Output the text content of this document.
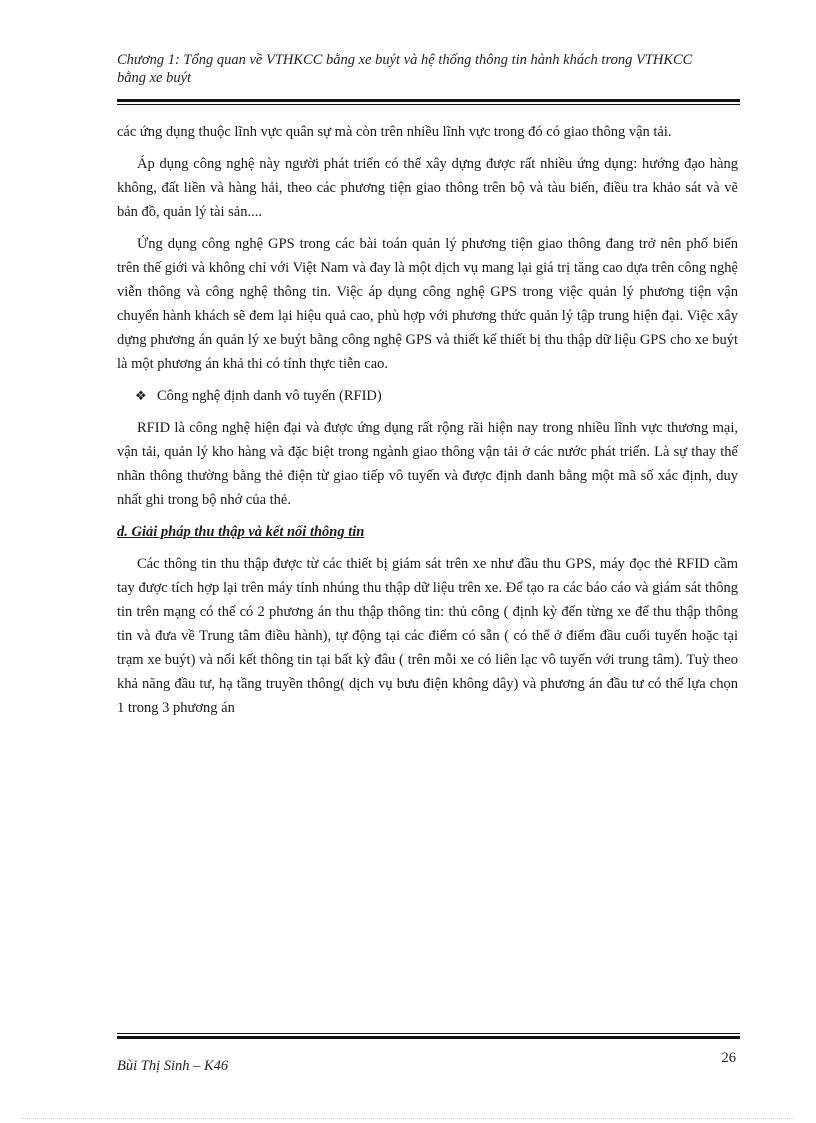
Chương 1: Tổng quan về VTHKCC bằng xe buýt và hệ thống thông tin hành khách trong VTHKCC bằng xe buýt

các ứng dụng thuộc lĩnh vực quân sự mà còn trên nhiều lĩnh vực trong đó có giao thông vận tải.

Áp dụng công nghệ này người phát triển có thể xây dựng được rất nhiều ứng dụng: hướng đạo hàng không, đất liền và hàng hải, theo các phương tiện giao thông trên bộ và tàu biển, điều tra khảo sát và vẽ bản đồ, quản lý tài sản....

Ứng dụng công nghệ GPS trong các bài toán quản lý phương tiện giao thông đang trở nên phổ biến trên thế giới và không chỉ với Việt Nam và đay là một dịch vụ mang lại giá trị tăng cao dựa trên công nghệ viễn thông và công nghệ thông tin. Việc áp dụng công nghệ GPS trong việc quản lý phương tiện vận chuyển hành khách sẽ đem lại hiệu quả cao, phù hợp với phương thức quản lý tập trung hiện đại. Việc xây dựng phương án quản lý xe buýt bằng công nghệ GPS và thiết kế thiết bị thu thập dữ liệu GPS cho xe buýt là một phương án khả thi có tính thực tiễn cao.

❖ Công nghệ định danh vô tuyến (RFID)

RFID là công nghệ hiện đại và được ứng dụng rất rộng rãi hiện nay trong nhiều lĩnh vực thương mại, vận tải, quản lý kho hàng và đặc biệt trong ngành giao thông vận tải ở các nước phát triển. Là sự thay thế nhãn thông thường bằng thẻ điện từ giao tiếp vô tuyến và được định danh bằng một mã số xác định, duy nhất ghi trong bộ nhớ của thẻ.

d. Giải pháp thu thập và kết nối thông tin

Các thông tin thu thập được từ các thiết bị giám sát trên xe như đầu thu GPS, máy đọc thẻ RFID cầm tay được tích hợp lại trên máy tính nhúng thu thập dữ liệu trên xe. Để tạo ra các báo cáo và giám sát thông tin trên mạng có thể có 2 phương án thu thập thông tin: thủ công ( định kỳ đến từng xe để thu thập thông tin và đưa về Trung tâm điều hành), tự động tại các điểm có sẵn ( có thể ở điểm đầu cuối tuyến hoặc tại trạm xe buýt) và nối kết thông tin tại bất kỳ đâu ( trên mỗi xe có liên lạc vô tuyến với trung tâm). Tuỳ theo khả năng đầu tư, hạ tầng truyền thông( dịch vụ bưu điện không dây) và phương án đầu tư có thể lựa chọn 1 trong 3 phương án

Bùi Thị Sinh – K46	26
